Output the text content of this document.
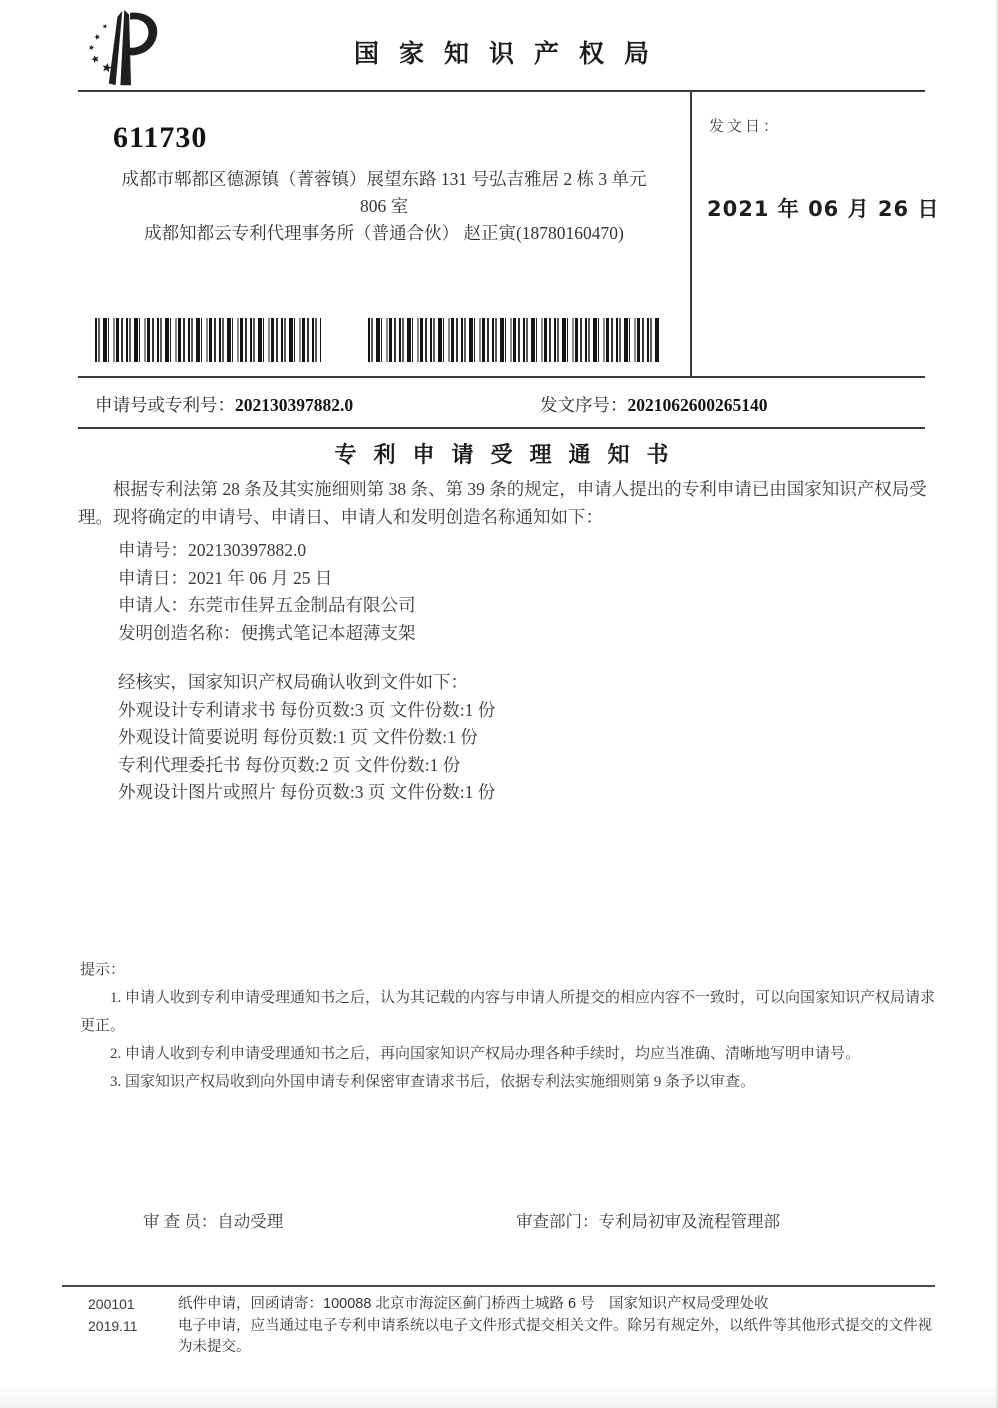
国家知识产权局
发文日：
2021 年 06 月 26 日
611730
成都市郫都区德源镇（菁蓉镇）展望东路 131 号弘吉雅居 2 栋 3 单元
806 室
成都知都云专利代理事务所（普通合伙） 赵正寅(18780160470)
申请号或专利号：202130397882.0	发文序号：2021062600265140
专利申请受理通知书

根据专利法第 28 条及其实施细则第 38 条、第 39 条的规定，申请人提出的专利申请已由国家知识产权局受理。现将确定的申请号、申请日、申请人和发明创造名称通知如下：

申请号：202130397882.0
申请日：2021 年 06 月 25 日
申请人：东莞市佳昇五金制品有限公司
发明创造名称：便携式笔记本超薄支架
经核实，国家知识产权局确认收到文件如下：
外观设计专利请求书 每份页数:3 页 文件份数:1 份
外观设计简要说明 每份页数:1 页 文件份数:1 份
专利代理委托书 每份页数:2 页 文件份数:1 份
外观设计图片或照片 每份页数:3 页 文件份数:1 份
提示：

1. 申请人收到专利申请受理通知书之后，认为其记载的内容与申请人所提交的相应内容不一致时，可以向国家知识产权局请求更正。

2. 申请人收到专利申请受理通知书之后，再向国家知识产权局办理各种手续时，均应当准确、清晰地写明申请号。

3. 国家知识产权局收到向外国申请专利保密审查请求书后，依据专利法实施细则第 9 条予以审查。

审 查 员：自动受理	审查部门：专利局初审及流程管理部
200101
2019.11

纸件申请，回函请寄：100088 北京市海淀区蓟门桥西土城路 6 号　国家知识产权局受理处收

电子申请，应当通过电子专利申请系统以电子文件形式提交相关文件。除另有规定外，以纸件等其他形式提交的文件视为未提交。
